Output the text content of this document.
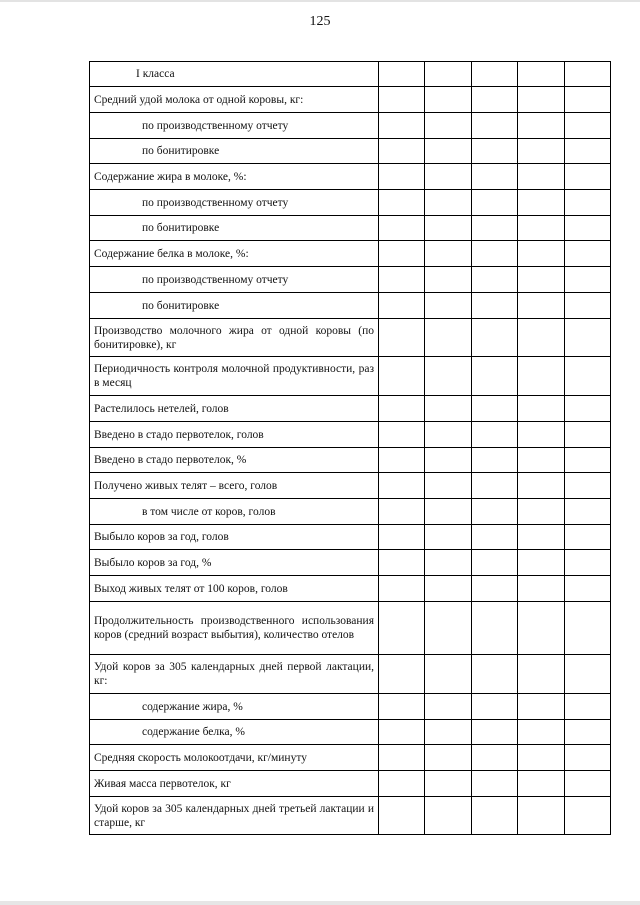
125
I класса					
Средний удой молока от одной коровы, кг:					
по производственному отчету					
по бонитировке					
Содержание жира в молоке, %:					
по производственному отчету					
по бонитировке					
Содержание белка в молоке, %:					
по производственному отчету					
по бонитировке					
Производство молочного жира от одной коровы (по бонитировке), кг					
Периодичность контроля молочной продуктивности, раз в месяц					
Растелилось нетелей, голов					
Введено в стадо первотелок, голов					
Введено в стадо первотелок, %					
Получено живых телят – всего, голов					
в том числе от коров, голов					
Выбыло коров за год, голов					
Выбыло коров за год, %					
Выход живых телят от 100 коров, голов					
Продолжительность производственного использования коров (средний возраст выбытия), количество отелов					
Удой коров за 305 календарных дней первой лактации, кг:					
содержание жира, %					
содержание белка, %					
Средняя скорость молокоотдачи, кг/минуту					
Живая масса первотелок, кг					
Удой коров за 305 календарных дней третьей лактации и старше, кг					
